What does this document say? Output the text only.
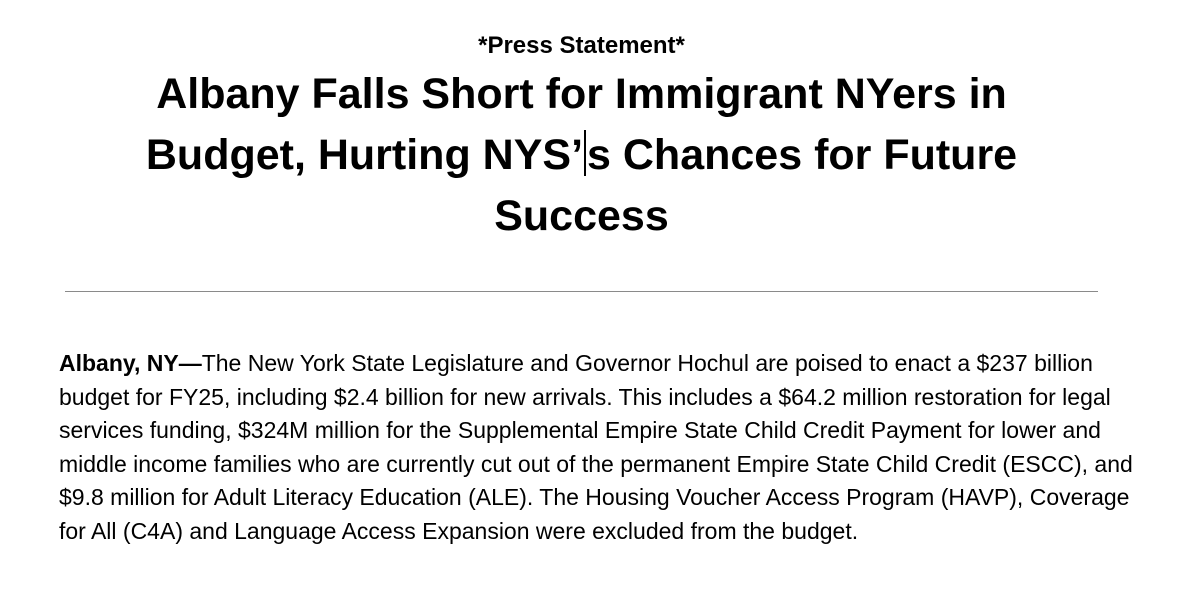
*Press Statement*
Albany Falls Short for Immigrant NYers in Budget, Hurting NYS’s Chances for Future Success

Albany, NY—The New York State Legislature and Governor Hochul are poised to enact a $237 billion budget for FY25, including $2.4 billion for new arrivals. This includes a $64.2 million restoration for legal services funding, $324M million for the Supplemental Empire State Child Credit Payment for lower and middle income families who are currently cut out of the permanent Empire State Child Credit (ESCC), and $9.8 million for Adult Literacy Education (ALE). The Housing Voucher Access Program (HAVP), Coverage for All (C4A) and Language Access Expansion were excluded from the budget.
